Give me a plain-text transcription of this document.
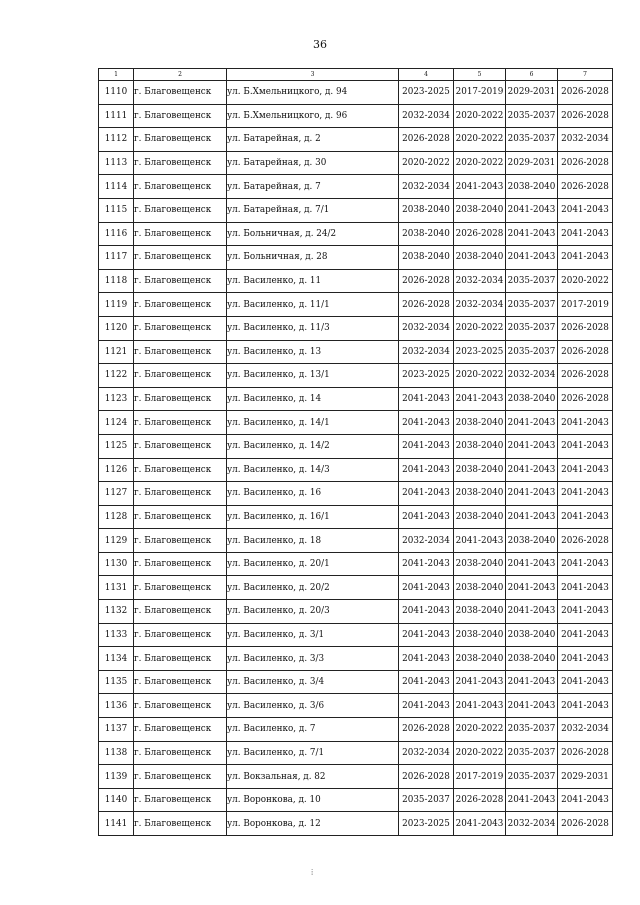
36
1	2	3	4	5	6	7
1110	г. Благовещенск	ул. Б.Хмельницкого, д. 94	2023-2025	2017-2019	2029-2031	2026-2028
1111	г. Благовещенск	ул. Б.Хмельницкого, д. 96	2032-2034	2020-2022	2035-2037	2026-2028
1112	г. Благовещенск	ул. Батарейная, д. 2	2026-2028	2020-2022	2035-2037	2032-2034
1113	г. Благовещенск	ул. Батарейная, д. 30	2020-2022	2020-2022	2029-2031	2026-2028
1114	г. Благовещенск	ул. Батарейная, д. 7	2032-2034	2041-2043	2038-2040	2026-2028
1115	г. Благовещенск	ул. Батарейная, д. 7/1	2038-2040	2038-2040	2041-2043	2041-2043
1116	г. Благовещенск	ул. Больничная, д. 24/2	2038-2040	2026-2028	2041-2043	2041-2043
1117	г. Благовещенск	ул. Больничная, д. 28	2038-2040	2038-2040	2041-2043	2041-2043
1118	г. Благовещенск	ул. Василенко, д. 11	2026-2028	2032-2034	2035-2037	2020-2022
1119	г. Благовещенск	ул. Василенко, д. 11/1	2026-2028	2032-2034	2035-2037	2017-2019
1120	г. Благовещенск	ул. Василенко, д. 11/3	2032-2034	2020-2022	2035-2037	2026-2028
1121	г. Благовещенск	ул. Василенко, д. 13	2032-2034	2023-2025	2035-2037	2026-2028
1122	г. Благовещенск	ул. Василенко, д. 13/1	2023-2025	2020-2022	2032-2034	2026-2028
1123	г. Благовещенск	ул. Василенко, д. 14	2041-2043	2041-2043	2038-2040	2026-2028
1124	г. Благовещенск	ул. Василенко, д. 14/1	2041-2043	2038-2040	2041-2043	2041-2043
1125	г. Благовещенск	ул. Василенко, д. 14/2	2041-2043	2038-2040	2041-2043	2041-2043
1126	г. Благовещенск	ул. Василенко, д. 14/3	2041-2043	2038-2040	2041-2043	2041-2043
1127	г. Благовещенск	ул. Василенко, д. 16	2041-2043	2038-2040	2041-2043	2041-2043
1128	г. Благовещенск	ул. Василенко, д. 16/1	2041-2043	2038-2040	2041-2043	2041-2043
1129	г. Благовещенск	ул. Василенко, д. 18	2032-2034	2041-2043	2038-2040	2026-2028
1130	г. Благовещенск	ул. Василенко, д. 20/1	2041-2043	2038-2040	2041-2043	2041-2043
1131	г. Благовещенск	ул. Василенко, д. 20/2	2041-2043	2038-2040	2041-2043	2041-2043
1132	г. Благовещенск	ул. Василенко, д. 20/3	2041-2043	2038-2040	2041-2043	2041-2043
1133	г. Благовещенск	ул. Василенко, д. 3/1	2041-2043	2038-2040	2038-2040	2041-2043
1134	г. Благовещенск	ул. Василенко, д. 3/3	2041-2043	2038-2040	2038-2040	2041-2043
1135	г. Благовещенск	ул. Василенко, д. 3/4	2041-2043	2041-2043	2041-2043	2041-2043
1136	г. Благовещенск	ул. Василенко, д. 3/6	2041-2043	2041-2043	2041-2043	2041-2043
1137	г. Благовещенск	ул. Василенко, д. 7	2026-2028	2020-2022	2035-2037	2032-2034
1138	г. Благовещенск	ул. Василенко, д. 7/1	2032-2034	2020-2022	2035-2037	2026-2028
1139	г. Благовещенск	ул. Вокзальная, д. 82	2026-2028	2017-2019	2035-2037	2029-2031
1140	г. Благовещенск	ул. Воронкова, д. 10	2035-2037	2026-2028	2041-2043	2041-2043
1141	г. Благовещенск	ул. Воронкова, д. 12	2023-2025	2041-2043	2032-2034	2026-2028
⁞
